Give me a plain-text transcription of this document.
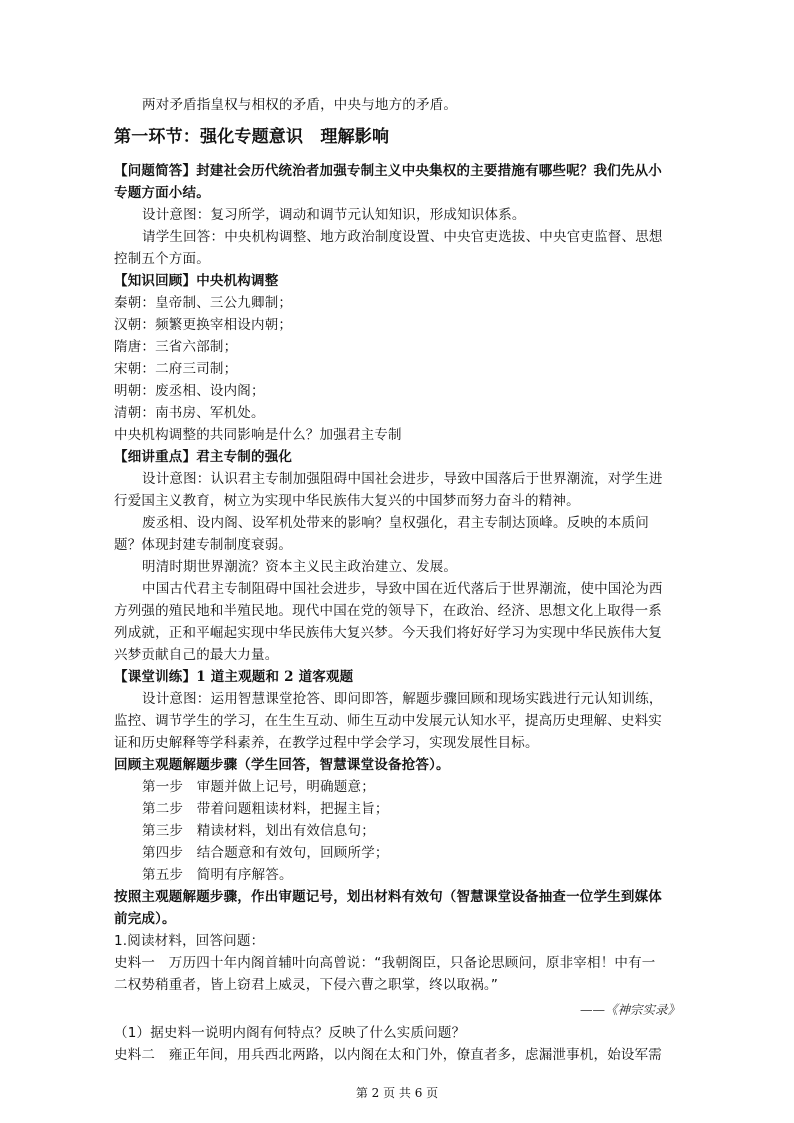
两对矛盾指皇权与相权的矛盾，中央与地方的矛盾。
第一环节：强化专题意识　理解影响
【问题简答】封建社会历代统治者加强专制主义中央集权的主要措施有哪些呢？我们先从小
专题方面小结。
设计意图：复习所学，调动和调节元认知知识，形成知识体系。
请学生回答：中央机构调整、地方政治制度设置、中央官吏选拔、中央官吏监督、思想
控制五个方面。
【知识回顾】中央机构调整
秦朝：皇帝制、三公九卿制；
汉朝：频繁更换宰相设内朝；
隋唐：三省六部制；
宋朝：二府三司制；
明朝：废丞相、设内阁；
清朝：南书房、军机处。
中央机构调整的共同影响是什么？加强君主专制
【细讲重点】君主专制的强化
设计意图：认识君主专制加强阻碍中国社会进步，导致中国落后于世界潮流，对学生进
行爱国主义教育，树立为实现中华民族伟大复兴的中国梦而努力奋斗的精神。
废丞相、设内阁、设军机处带来的影响？皇权强化，君主专制达顶峰。反映的本质问
题？体现封建专制制度衰弱。
明清时期世界潮流？资本主义民主政治建立、发展。
中国古代君主专制阻碍中国社会进步，导致中国在近代落后于世界潮流，使中国沦为西
方列强的殖民地和半殖民地。现代中国在党的领导下，在政治、经济、思想文化上取得一系
列成就，正和平崛起实现中华民族伟大复兴梦。今天我们将好好学习为实现中华民族伟大复
兴梦贡献自己的最大力量。
【课堂训练】1 道主观题和 2 道客观题
设计意图：运用智慧课堂抢答、即问即答，解题步骤回顾和现场实践进行元认知训练，
监控、调节学生的学习，在生生互动、师生互动中发展元认知水平，提高历史理解、史料实
证和历史解释等学科素养，在教学过程中学会学习，实现发展性目标。
回顾主观题解题步骤（学生回答，智慧课堂设备抢答）。
第一步　审题并做上记号，明确题意；
第二步　带着问题粗读材料，把握主旨；
第三步　精读材料，划出有效信息句；
第四步　结合题意和有效句，回顾所学；
第五步　简明有序解答。
按照主观题解题步骤，作出审题记号，划出材料有效句（智慧课堂设备抽查一位学生到媒体
前完成）。
1.阅读材料，回答问题：
史料一　万历四十年内阁首辅叶向高曾说：“我朝阁臣，只备论思顾问，原非宰相！中有一
二权势稍重者，皆上窃君上威灵，下侵六曹之职掌，终以取祸。”
——《神宗实录》
（1）据史料一说明内阁有何特点？反映了什么实质问题？
史料二　雍正年间，用兵西北两路，以内阁在太和门外，僚直者多，虑漏泄事机，始设军需
第 2 页 共 6 页
